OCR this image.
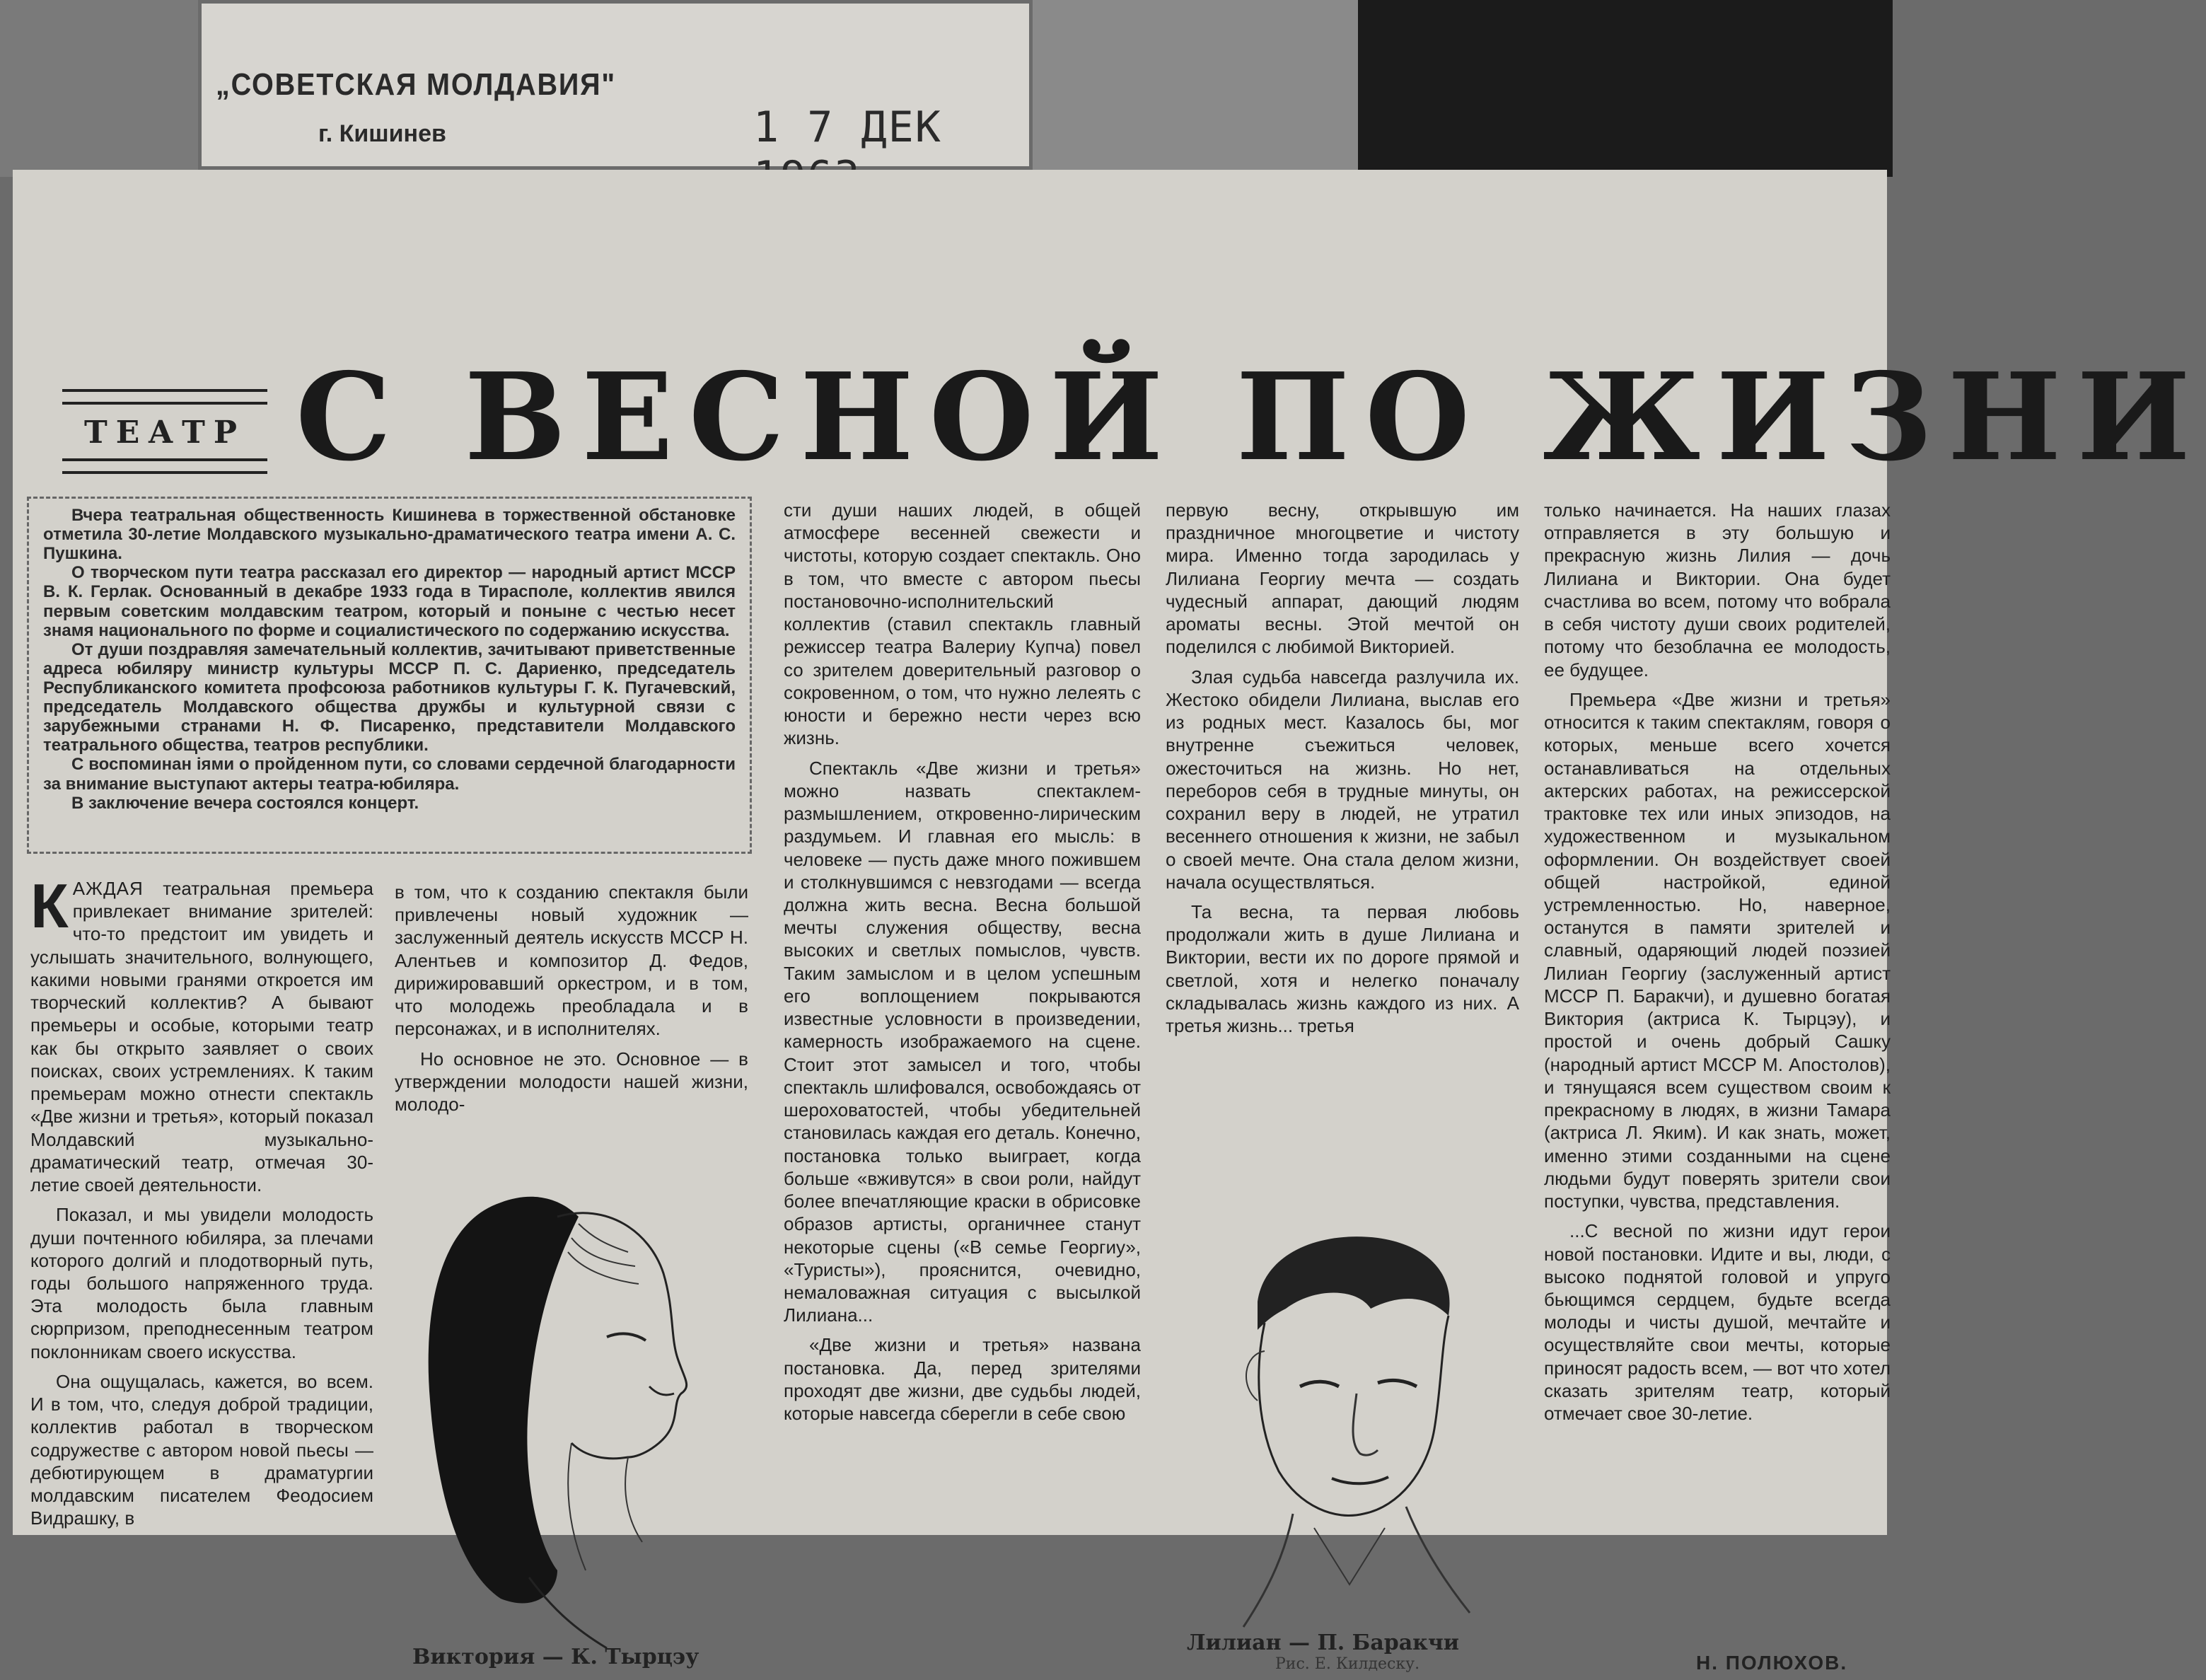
„СОВЕТСКАЯ МОЛДАВИЯ"
г. Кишинев	1 7 ДЕК
ТЕАТР С ВЕСНОЙ ПО ЖИЗНИ

Вчера театральная общественность Кишинева в торжественной обстановке отметила 30-летие Молдавского музыкально-драматического театра имени А. С. Пушкина.

О творческом пути театра рассказал его директор — народный артист МССР В. К. Герлак. Основанный в декабре 1933 года в Тирасполе, коллектив явился первым советским молдавским театром, который и поныне с честью несет знамя национального по форме и социалистического по содержанию искусства.

От души поздравляя замечательный коллектив, зачитывают приветственные адреса юбиляру министр культуры МССР П. С. Дариенко, председатель Республиканского комитета профсоюза работников культуры Г. К. Пугачевский, председатель Молдавского общества дружбы и культурной связи с зарубежными странами Н. Ф. Писаренко, представители Молдавского театрального общества, театров республики.

С воспоминан іями о пройденном пути, со словами сердечной благодарности за внимание выступают актеры театра-юбиляра.

В заключение вечера состоялся концерт.

КАЖДАЯ театральная премьера привлекает внимание зрителей: что-то предстоит им увидеть и услышать значительного, волнующего, какими новыми гранями откроется им творческий коллектив? А бывают премьеры и особые, которыми театр как бы открыто заявляет о своих поисках, своих устремлениях. К таким премьерам можно отнести спектакль «Две жизни и третья», который показал Молдавский музыкально-драматический театр, отмечая 30-летие своей деятельности.

Показал, и мы увидели молодость души почтенного юбиляра, за плечами которого долгий и плодотворный путь, годы большого напряженного труда. Эта молодость была главным сюрпризом, преподнесенным театром поклонникам своего искусства.

Она ощущалась, кажется, во всем. И в том, что, следуя доброй традиции, коллектив работал в творческом содружестве с автором новой пьесы — дебютирующем в драматургии молдавским писателем Феодосием Видрашку, в

в том, что к созданию спектакля были привлечены новый художник — заслуженный деятель искусств МССР Н. Алентьев и композитор Д. Федов, дирижировавший оркестром, и в том, что молодежь преобладала и в персонажах, и в исполнителях.

Но основное не это. Основное — в утверждении молодости нашей жизни, молодо-

сти души наших людей, в общей атмосфере весенней свежести и чистоты, которую создает спектакль. Оно в том, что вместе с автором пьесы постановочно-исполнительский коллектив (ставил спектакль главный режиссер театра Валериу Купча) повел со зрителем доверительный разговор о сокровенном, о том, что нужно лелеять с юности и бережно нести через всю жизнь.

Спектакль «Две жизни и третья» можно назвать спектаклем-размышлением, откровенно-лирическим раздумьем. И главная его мысль: в человеке — пусть даже много пожившем и столкнувшимся с невзгодами — всегда должна жить весна. Весна большой мечты служения обществу, весна высоких и светлых помыслов, чувств. Таким замыслом и в целом успешным его воплощением покрываются известные условности в произведении, камерность изображаемого на сцене. Стоит этот замысел и того, чтобы спектакль шлифовался, освобождаясь от шероховатостей, чтобы убедительней становилась каждая его деталь. Конечно, постановка только выиграет, когда больше «вживутся» в свои роли, найдут более впечатляющие краски в обрисовке образов артисты, органичнее станут некоторые сцены («В семье Георгиу», «Туристы»), прояснится, очевидно, немаловажная ситуация с высылкой Лилиана...

«Две жизни и третья» названа постановка. Да, перед зрителями проходят две жизни, две судьбы людей, которые навсегда сберегли в себе свою

первую весну, открывшую им праздничное многоцветие и чистоту мира. Именно тогда зародилась у Лилиана Георгиу мечта — создать чудесный аппарат, дающий людям ароматы весны. Этой мечтой он поделился с любимой Викторией.

Злая судьба навсегда разлучила их. Жестоко обидели Лилиана, выслав его из родных мест. Казалось бы, мог внутренне съежиться человек, ожесточиться на жизнь. Но нет, переборов себя в трудные минуты, он сохранил веру в людей, не утратил весеннего отношения к жизни, не забыл о своей мечте. Она стала делом жизни, начала осуществляться.

Та весна, та первая любовь продолжали жить в душе Лилиана и Виктории, вести их по дороге прямой и светлой, хотя и нелегко поначалу складывалась жизнь каждого из них. А третья жизнь... третья

только начинается. На наших глазах отправляется в эту большую и прекрасную жизнь Лилия — дочь Лилиана и Виктории. Она будет счастлива во всем, потому что вобрала в себя чистоту души своих родителей, потому что безоблачна ее молодость, ее будущее.

Премьера «Две жизни и третья» относится к таким спектаклям, говоря о которых, меньше всего хочется останавливаться на отдельных актерских работах, на режиссерской трактовке тех или иных эпизодов, на художественном и музыкальном оформлении. Он воздействует своей общей настройкой, единой устремленностью. Но, наверное, останутся в памяти зрителей и славный, одаряющий людей поэзией Лилиан Георгиу (заслуженный артист МССР П. Баракчи), и душевно богатая Виктория (актриса К. Тырцэу), и простой и очень добрый Сашку (народный артист МССР М. Апостолов), и тянущаяся всем существом своим к прекрасному в людях, в жизни Тамара (актриса Л. Яким). И как знать, может, именно этими созданными на сцене людьми будут поверять зрители свои поступки, чувства, представления.

...С весной по жизни идут герои новой постановки. Идите и вы, люди, с высоко поднятой головой и упруго бьющимся сердцем, будьте всегда молоды и чисты душой, мечтайте и осуществляйте свои мечты, которые приносят радость всем, — вот что хотел сказать зрителям театр, который отмечает свое 30-летие.

Виктория — К. Тырцэу
Лилиан — П. Баракчи
Рис. Е. Килдеску.	Н. ПОЛЮХОВ.
